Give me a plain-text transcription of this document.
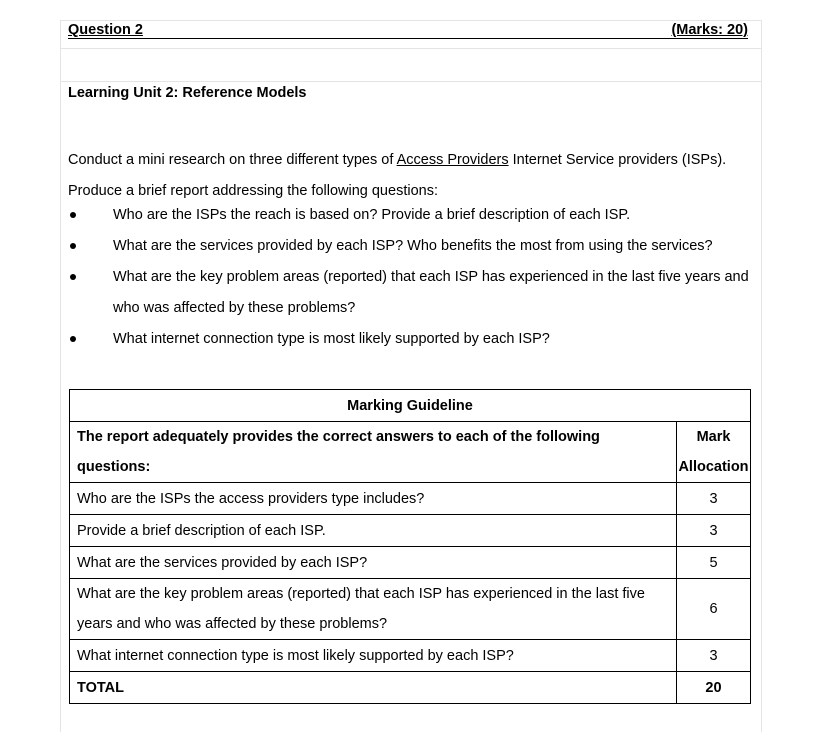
Question 2	(Marks: 20)
Learning Unit 2: Reference Models
Conduct a mini research on three different types of Access Providers Internet Service providers (ISPs). Produce a brief report addressing the following questions:
Who are the ISPs the reach is based on? Provide a brief description of each ISP.
What are the services provided by each ISP? Who benefits the most from using the services?
What are the key problem areas (reported) that each ISP has experienced in the last five years and who was affected by these problems?
What internet connection type is most likely supported by each ISP?
Marking Guideline	
The report adequately provides the correct answers to each of the following questions:	Mark Allocation
Who are the ISPs the access providers type includes?	3
Provide a brief description of each ISP.	3
What are the services provided by each ISP?	5
What are the key problem areas (reported) that each ISP has experienced in the last five years and who was affected by these problems?	6
What internet connection type is most likely supported by each ISP?	3
TOTAL	20
